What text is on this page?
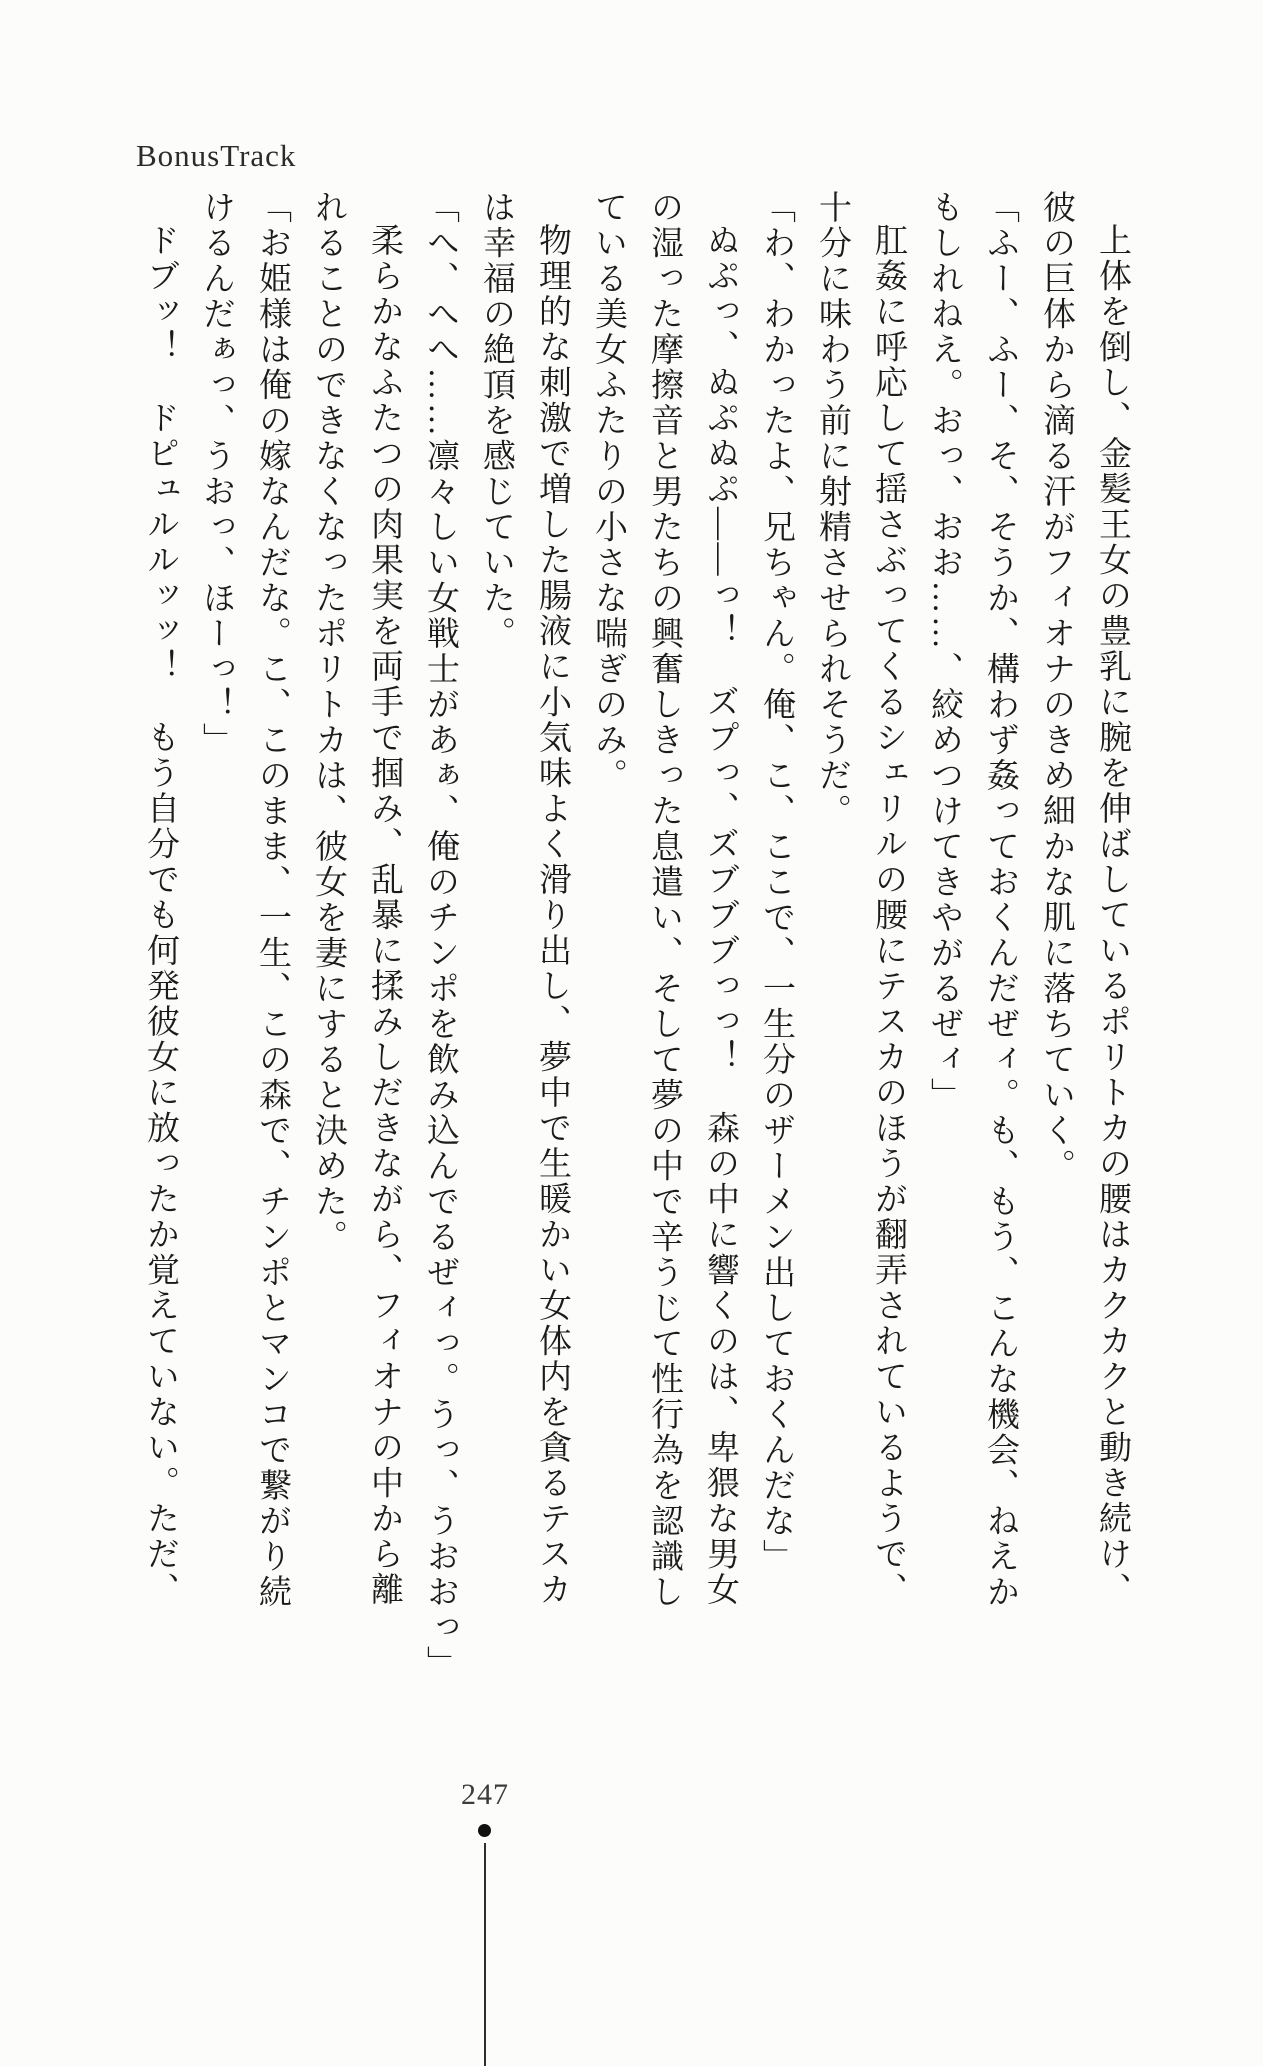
BonusTrack

上体を倒し、金髪王女の豊乳に腕を伸ばしているポリトカの腰はカクカクと動き続け、

彼の巨体から滴る汗がフィオナのきめ細かな肌に落ちていく。

「ふー、ふー、そ、そうか、構わず姦っておくんだぜィ。も、もう、こんな機会、ねえか

もしれねえ。おっ、おお……、絞めつけてきやがるぜィ」

肛姦に呼応して揺さぶってくるシェリルの腰にテスカのほうが翻弄されているようで、

十分に味わう前に射精させられそうだ。

「わ、わかったよ、兄ちゃん。俺、こ、ここで、一生分のザーメン出しておくんだな」

ぬぷっ、ぬぷぬぷ――っ！　ズプっ、ズブブブっっ！　森の中に響くのは、卑猥な男女

の湿った摩擦音と男たちの興奮しきった息遣い、そして夢の中で辛うじて性行為を認識し

ている美女ふたりの小さな喘ぎのみ。

物理的な刺激で増した腸液に小気味よく滑り出し、夢中で生暖かい女体内を貪るテスカ

は幸福の絶頂を感じていた。

「へ、へへ……凛々しい女戦士があぁ、俺のチンポを飲み込んでるぜィっ。うっ、うおおっ」

柔らかなふたつの肉果実を両手で掴み、乱暴に揉みしだきながら、フィオナの中から離

れることのできなくなったポリトカは、彼女を妻にすると決めた。

「お姫様は俺の嫁なんだな。こ、このまま、一生、この森で、チンポとマンコで繋がり続

けるんだぁっ、うおっ、ほーっ！」

ドブッ！　ドピュルルッッ！　もう自分でも何発彼女に放ったか覚えていない。ただ、

247
